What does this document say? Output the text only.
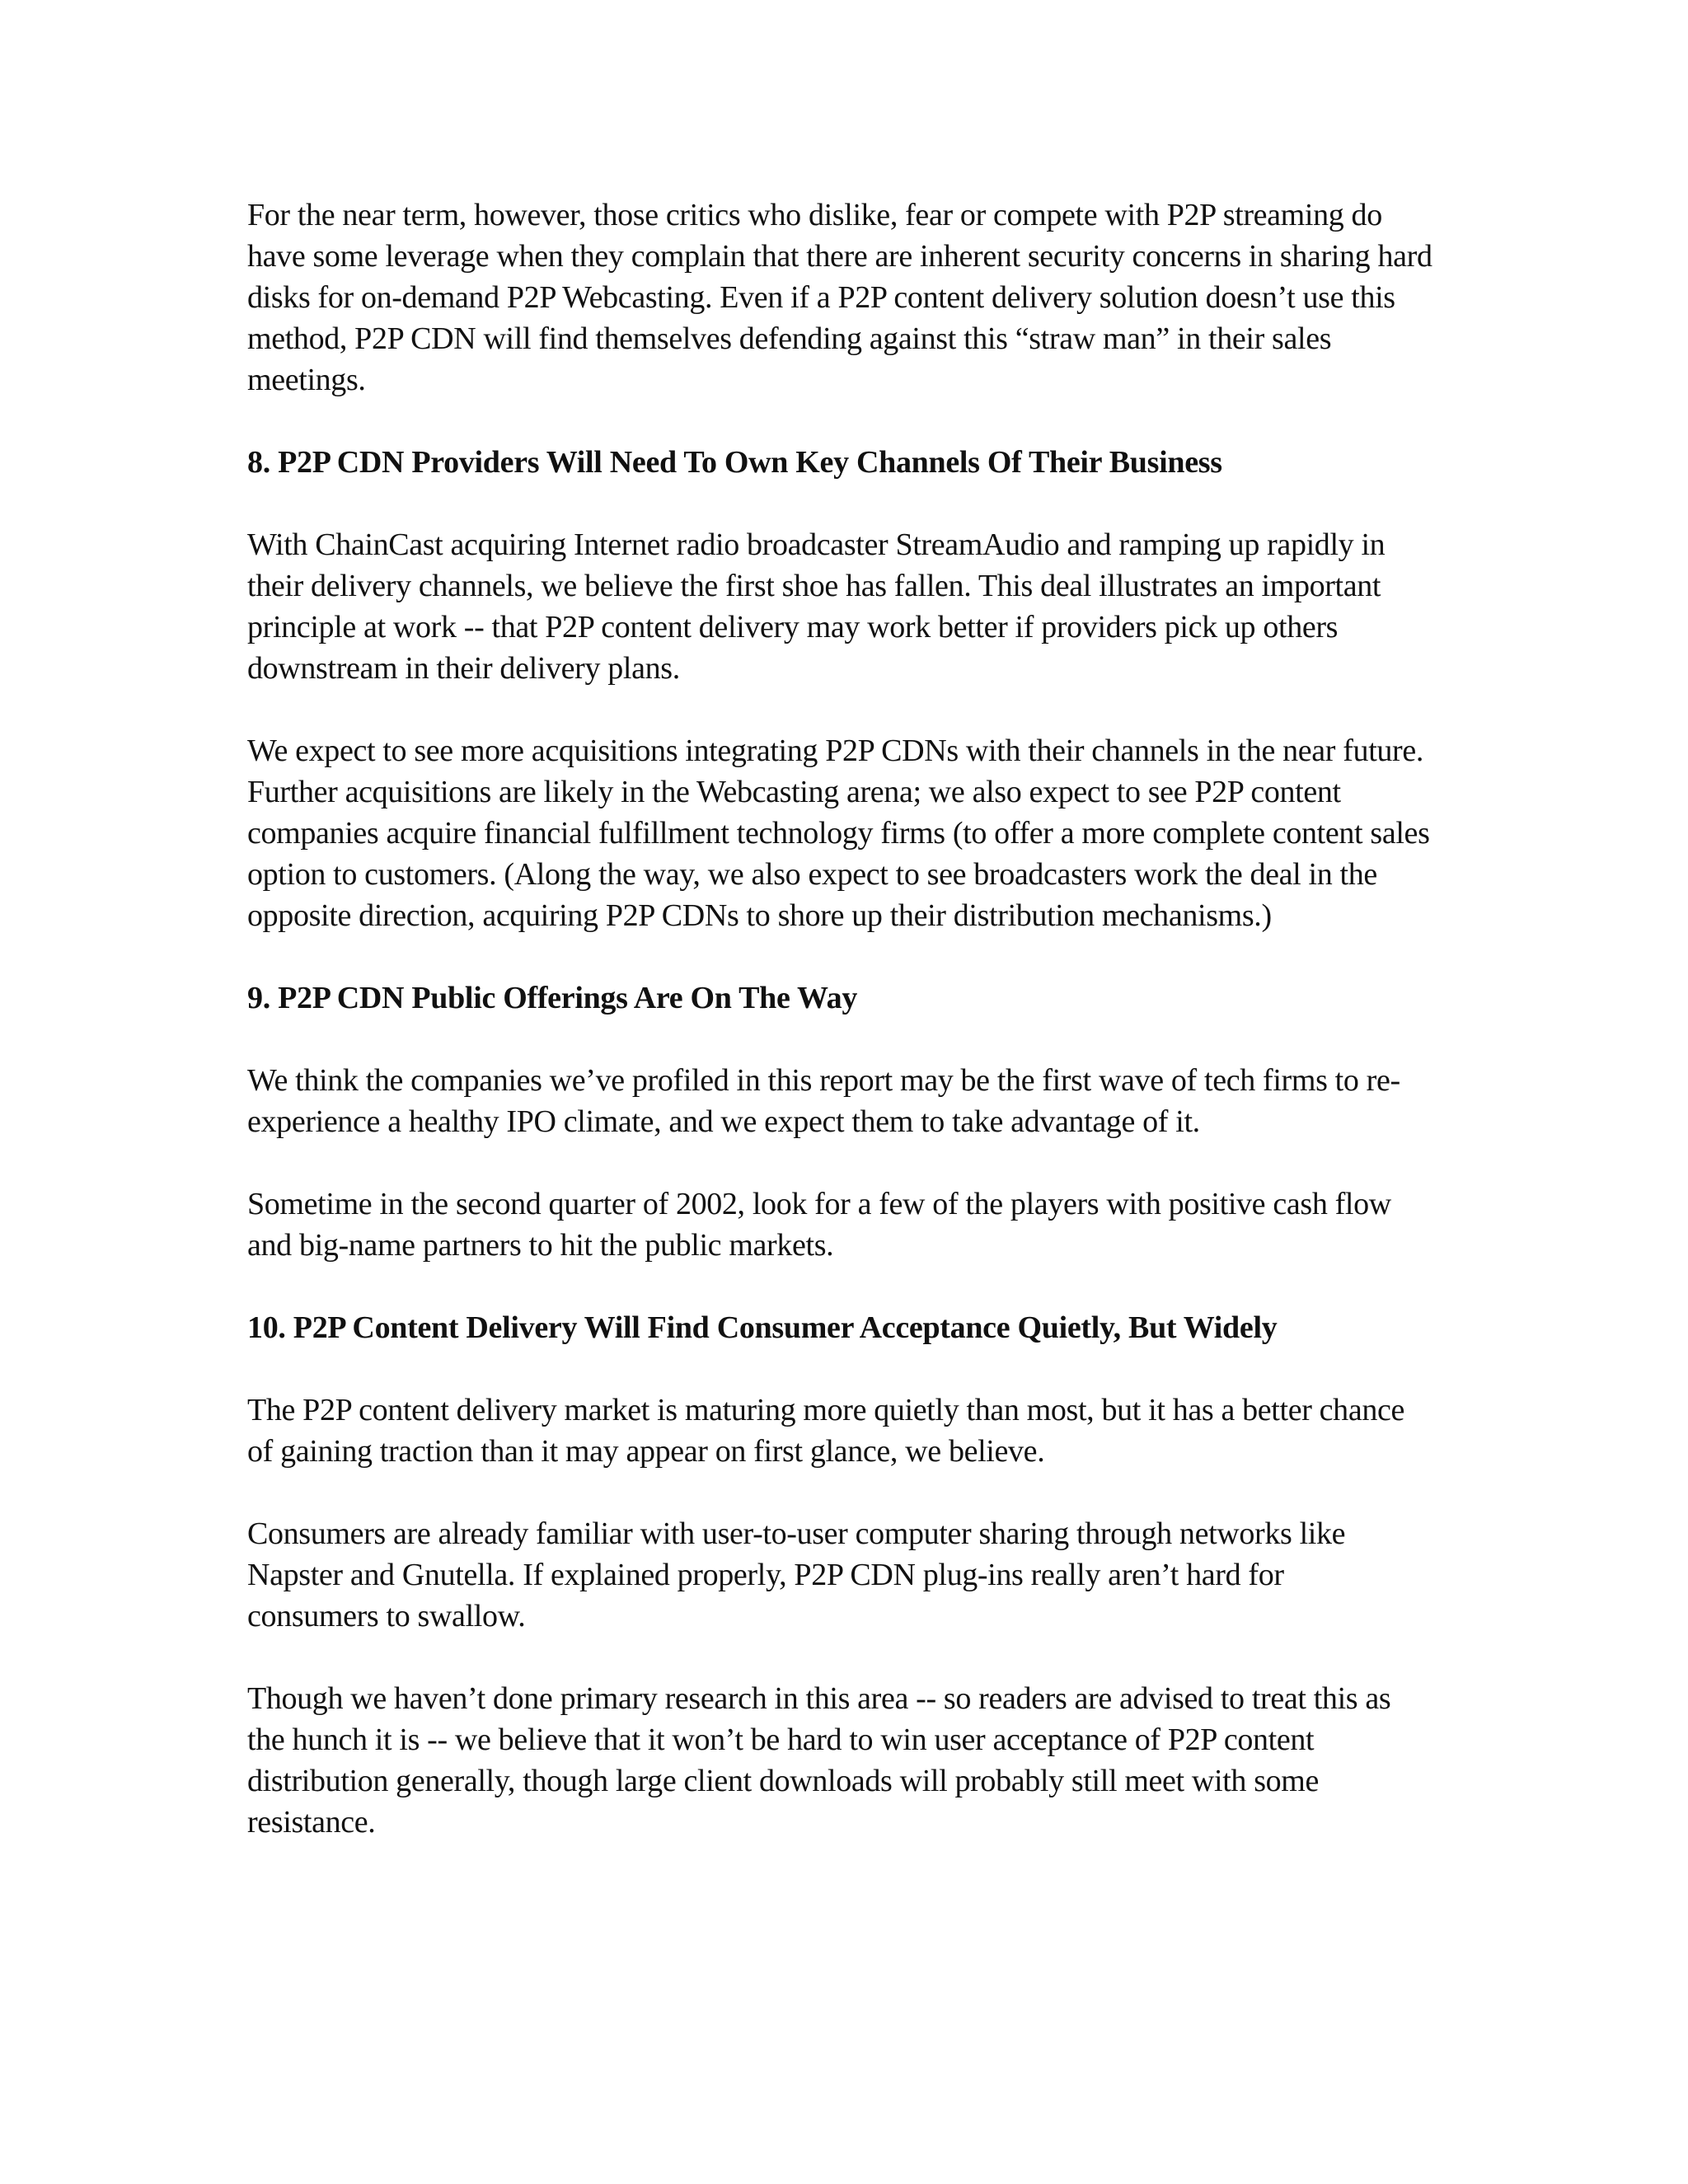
For the near term, however, those critics who dislike, fear or compete with P2P streaming do
have some leverage when they complain that there are inherent security concerns in sharing hard
disks for on-demand P2P Webcasting. Even if a P2P content delivery solution doesn’t use this
method, P2P CDN will find themselves defending against this “straw man” in their sales
meetings.

8. P2P CDN Providers Will Need To Own Key Channels Of Their Business

With ChainCast acquiring Internet radio broadcaster StreamAudio and ramping up rapidly in
their delivery channels, we believe the first shoe has fallen. This deal illustrates an important
principle at work -- that P2P content delivery may work better if providers pick up others
downstream in their delivery plans.

We expect to see more acquisitions integrating P2P CDNs with their channels in the near future.
Further acquisitions are likely in the Webcasting arena; we also expect to see P2P content
companies acquire financial fulfillment technology firms (to offer a more complete content sales
option to customers. (Along the way, we also expect to see broadcasters work the deal in the
opposite direction, acquiring P2P CDNs to shore up their distribution mechanisms.)

9. P2P CDN Public Offerings Are On The Way

We think the companies we’ve profiled in this report may be the first wave of tech firms to re-
experience a healthy IPO climate, and we expect them to take advantage of it.

Sometime in the second quarter of 2002, look for a few of the players with positive cash flow
and big-name partners to hit the public markets.

10. P2P Content Delivery Will Find Consumer Acceptance Quietly, But Widely

The P2P content delivery market is maturing more quietly than most, but it has a better chance
of gaining traction than it may appear on first glance, we believe.

Consumers are already familiar with user-to-user computer sharing through networks like
Napster and Gnutella. If explained properly, P2P CDN plug-ins really aren’t hard for
consumers to swallow.

Though we haven’t done primary research in this area -- so readers are advised to treat this as
the hunch it is -- we believe that it won’t be hard to win user acceptance of P2P content
distribution generally, though large client downloads will probably still meet with some
resistance.
